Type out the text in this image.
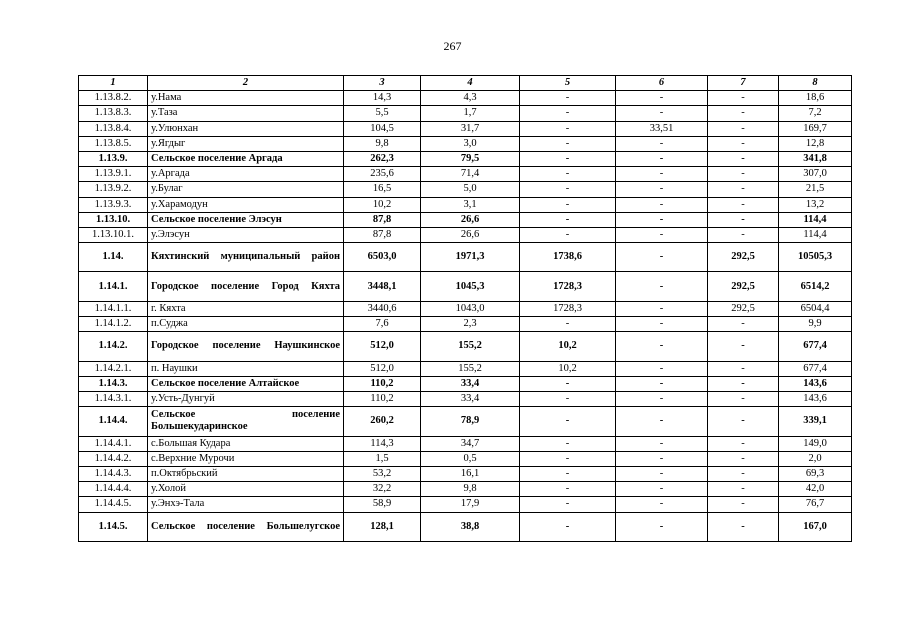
267
1	2	3	4	5	6	7	8
1.13.8.2.	у.Нама	14,3	4,3	-	-	-	18,6
1.13.8.3.	у.Таза	5,5	1,7	-	-	-	7,2
1.13.8.4.	у.Улюнхан	104,5	31,7	-	33,51	-	169,7
1.13.8.5.	у.Ягдыг	9,8	3,0	-	-	-	12,8
1.13.9.	Сельское поселение Аргада	262,3	79,5	-	-	-	341,8
1.13.9.1.	у.Аргада	235,6	71,4	-	-	-	307,0
1.13.9.2.	у.Булаг	16,5	5,0	-	-	-	21,5
1.13.9.3.	у.Харамодун	10,2	3,1	-	-	-	13,2
1.13.10.	Сельское поселение Элэсун	87,8	26,6	-	-	-	114,4
1.13.10.1.	у.Элэсун	87,8	26,6	-	-	-	114,4
1.14.	Кяхтинский муниципальный район	6503,0	1971,3	1738,6	-	292,5	10505,3
1.14.1.	Городское поселение Город Кяхта	3448,1	1045,3	1728,3	-	292,5	6514,2
1.14.1.1.	г. Кяхта	3440,6	1043,0	1728,3	-	292,5	6504,4
1.14.1.2.	п.Суджа	7,6	2,3	-	-	-	9,9
1.14.2.	Городское поселение Наушкинское	512,0	155,2	10,2	-	-	677,4
1.14.2.1.	п. Наушки	512,0	155,2	10,2	-	-	677,4
1.14.3.	Сельское поселение Алтайское	110,2	33,4	-	-	-	143,6
1.14.3.1.	у.Усть-Дунгуй	110,2	33,4	-	-	-	143,6
1.14.4.	Сельское поселение Большекударинское	260,2	78,9	-	-	-	339,1
1.14.4.1.	с.Большая Кудара	114,3	34,7	-	-	-	149,0
1.14.4.2.	с.Верхние Мурочи	1,5	0,5	-	-	-	2,0
1.14.4.3.	п.Октябрьский	53,2	16,1	-	-	-	69,3
1.14.4.4.	у.Холой	32,2	9,8	-	-	-	42,0
1.14.4.5.	у.Энхэ-Тала	58,9	17,9	-	-	-	76,7
1.14.5.	Сельское поселение Большелугское	128,1	38,8	-	-	-	167,0
